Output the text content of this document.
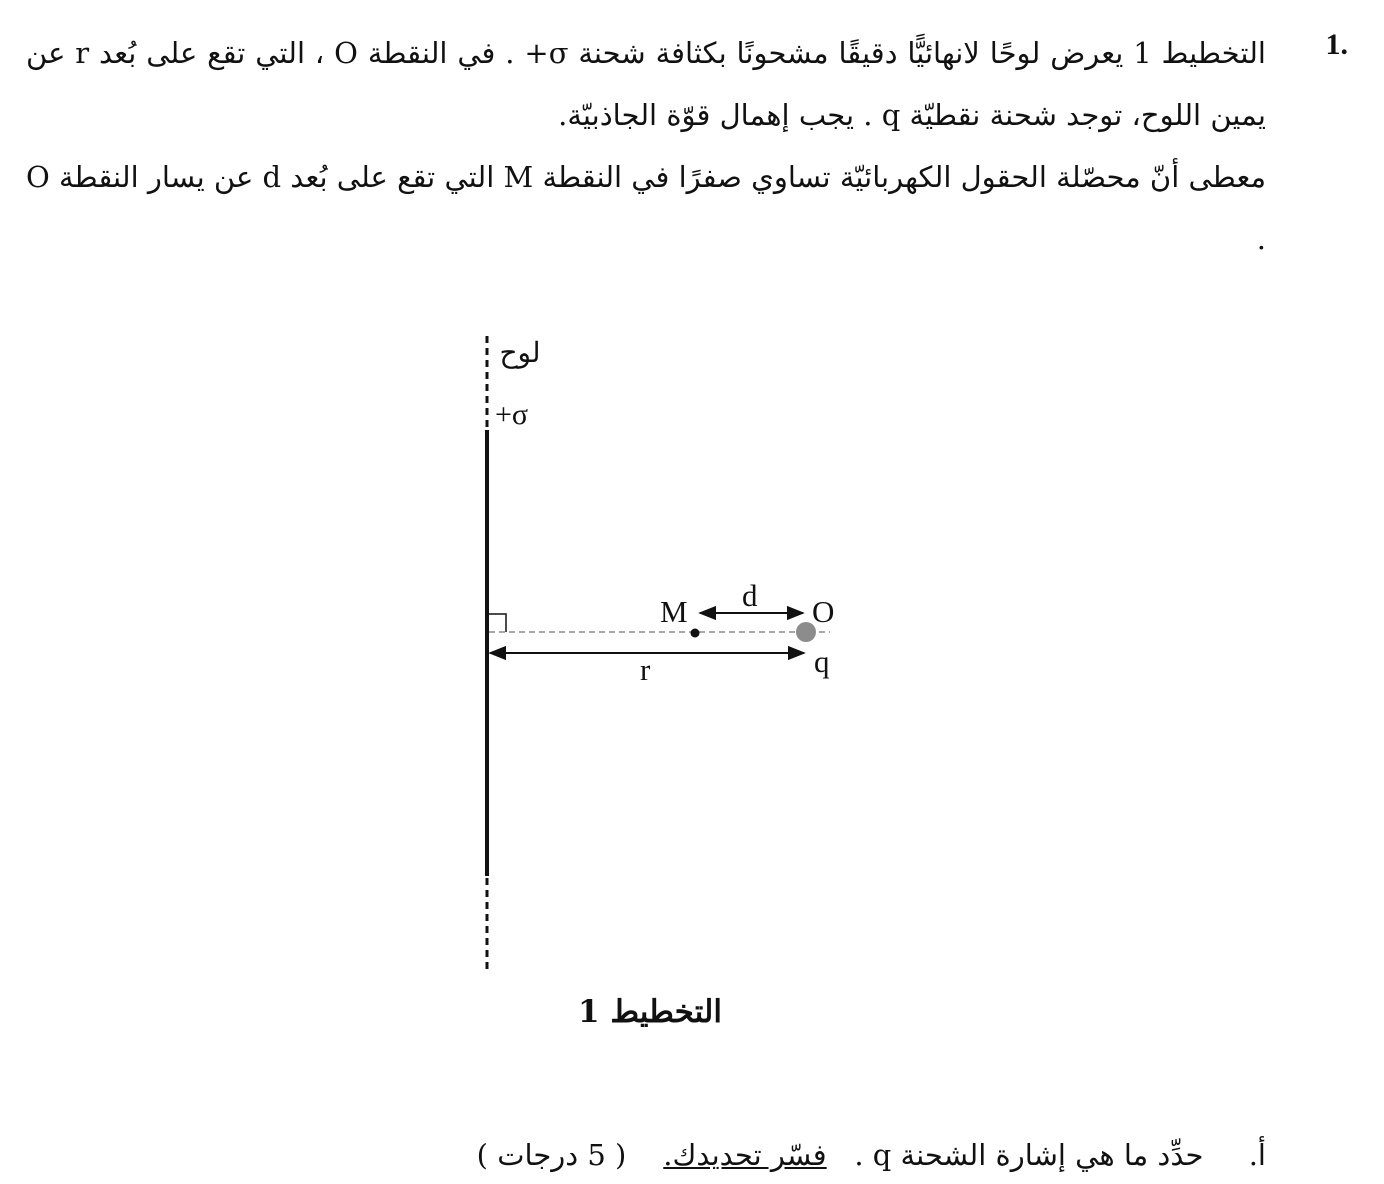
1.

التخطيط 1 يعرض لوحًا لانهائيًّا دقيقًا مشحونًا بكثافة شحنة σ+ . في النقطة O ، التي تقع على بُعد r عن يمين اللوح، توجد شحنة نقطيّة q . يجب إهمال قوّة الجاذبيّة.

معطى أنّ محصّلة الحقول الكهربائيّة تساوي صفرًا في النقطة M التي تقع على بُعد d عن يسار النقطة O .

لوح
+σ
M	O
d
r	q
التخطيط 1
أ. حدِّد ما هي إشارة الشحنة q .   فسّر تحديدك.    ( 5 درجات )
